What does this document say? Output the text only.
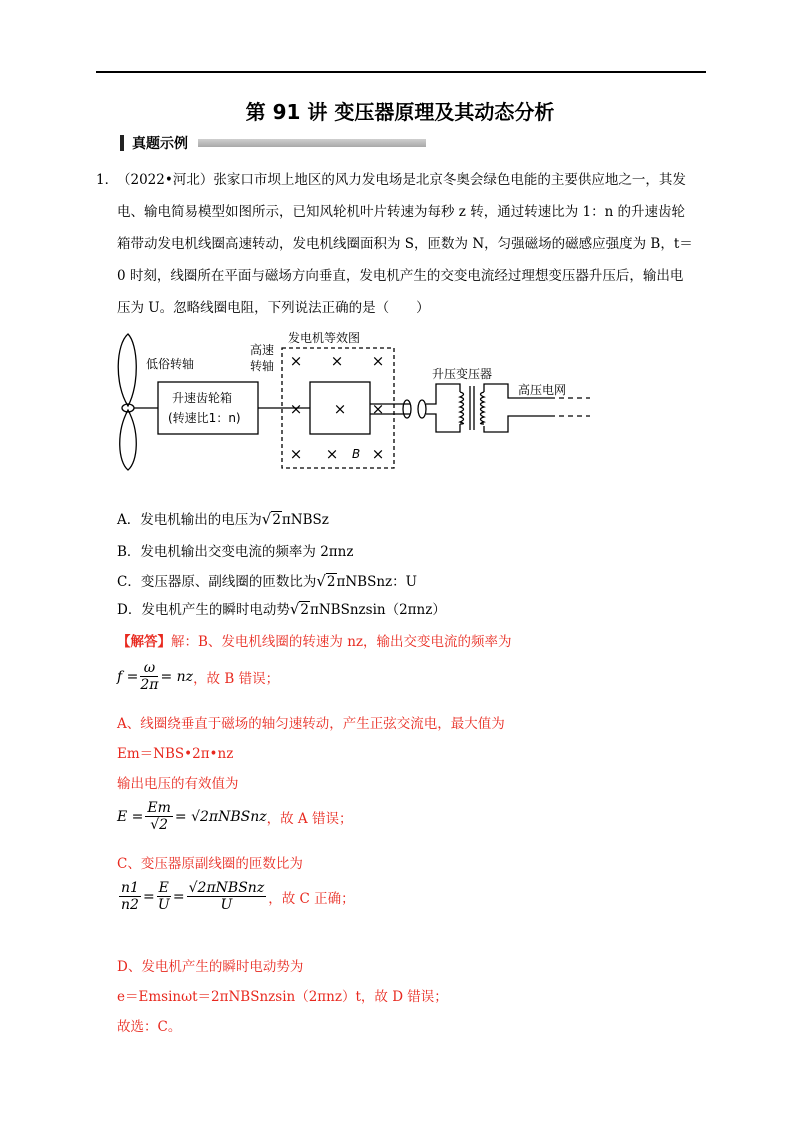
第 91 讲 变压器原理及其动态分析
真题示例
1．
（2022•河北）张家口市坝上地区的风力发电场是北京冬奥会绿色电能的主要供应地之一，其发
电、输电简易模型如图所示，已知风轮机叶片转速为每秒 z 转，通过转速比为 1：n 的升速齿轮
箱带动发电机线圈高速转动，发电机线圈面积为 S，匝数为 N，匀强磁场的磁感应强度为 B，t＝
0 时刻，线圈所在平面与磁场方向垂直，发电机产生的交变电流经过理想变压器升压后，输出电
压为 U。忽略线圈电阻，下列说法正确的是（　　）
低俗转轴
高速
转轴
升速齿轮箱
(转速比1：n)
发电机等效图
升压变压器
高压电网
B
× × ×
× × ×
× × ×
A．发电机输出的电压为√2πNBSz
B．发电机输出交变电流的频率为 2πnz
C．变压器原、副线圈的匝数比为√2πNBSnz：U
D．发电机产生的瞬时电动势√2πNBSnzsin（2πnz）
【解答】解：B、发电机线圈的转速为 nz，输出交变电流的频率为
$f = \frac{\omega}{2\pi}$ = nz ，故 B 错误；
A、线圈绕垂直于磁场的轴匀速转动，产生正弦交流电，最大值为
Em＝NBS•2π•nz
输出电压的有效值为
$E = \frac{Em}{√2}$ = √2πNBSnz ，故 A 错误；
C、变压器原副线圈的匝数比为
$\frac{n1}{n2} = \frac{E}{U} = \frac{\text{√2πNBSnz}}{U}$ ，故 C 正确；
D、发电机产生的瞬时电动势为
e＝Emsinωt＝2πNBSnzsin（2πnz）t，故 D 错误；
故选：C。
